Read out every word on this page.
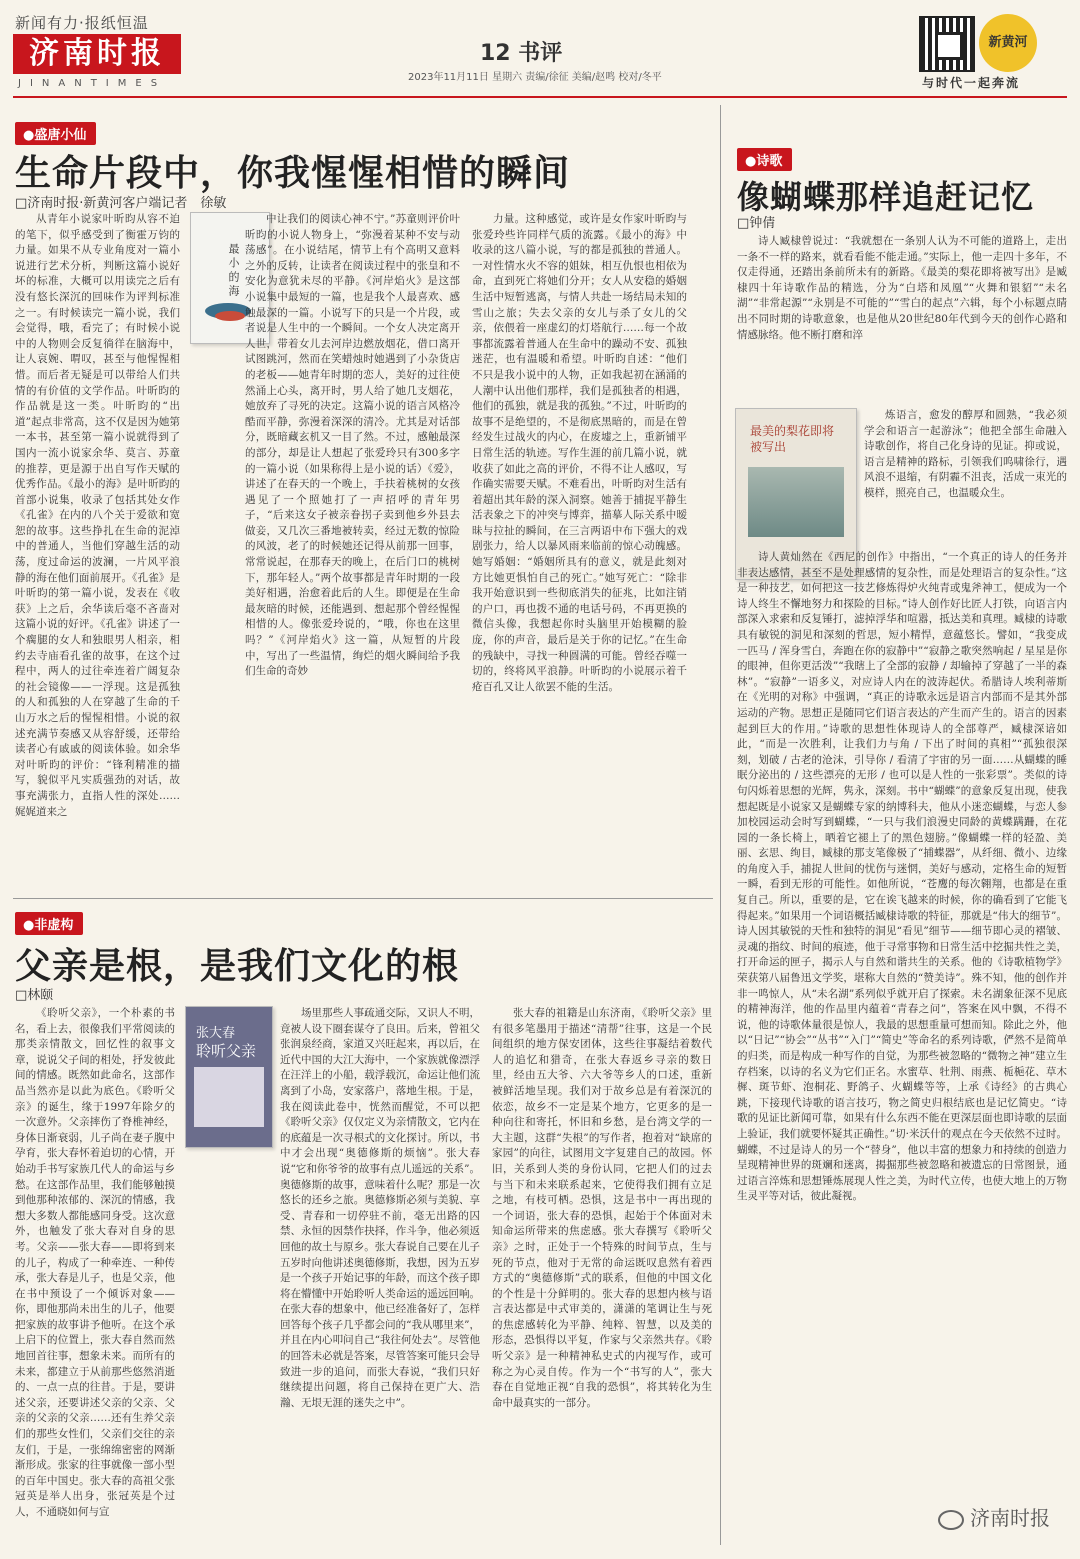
新闻有力·报纸恒温
济南时报
JINANTIMES
12 书评
2023年11月11日 星期六 责编/徐征 美编/赵鸣 校对/冬平
新黄河
与时代一起奔流
●盛唐小仙
生命片段中，你我惺惺相惜的瞬间
□济南时报·新黄河客户端记者　徐敏
最小的海

从青年小说家叶昕昀从容不迫的笔下，似乎感受到了衡霍万钧的力量。如果不从专业角度对一篇小说进行艺术分析，判断这篇小说好坏的标准，大概可以用读完之后有没有悠长深沉的回味作为评判标准之一。有时候读完一篇小说，我们会觉得，哦，看完了；有时候小说中的人物则会反复徜徉在脑海中，让人哀婉、喟叹，甚至与他惺惺相惜。而后者无疑是可以带给人们共情的有价值的文学作品。叶昕昀的作品就是这一类。叶昕昀的“出道”起点非常高，这不仅是因为她第一本书，甚至第一篇小说就得到了国内一流小说家余华、莫言、苏童的推荐，更是源于出自写作天赋的优秀作品。《最小的海》是叶昕昀的首部小说集，收录了包括其处女作《孔雀》在内的八个关于爱欲和宽恕的故事。这些挣扎在生命的泥淖中的普通人，当他们穿越生活的动荡，度过命运的波澜，一片风平浪静的海在他们面前展开。《孔雀》是叶昕昀的第一篇小说，发表在《收获》上之后，余华读后毫不吝啬对这篇小说的好评。《孔雀》讲述了一个瘸腿的女人和独眼男人相亲，相约去寺庙看孔雀的故事，在这个过程中，两人的过往牵连着广阔复杂的社会镜像——一浮现。这是孤独的人和孤独的人在穿越了生命的千山万水之后的惺惺相惜。小说的叙述充满节奏感又从容舒缓，还带给读者心有戚戚的阅读体验。如余华对叶昕昀的评价：“锋利精准的描写，貌似平凡实质强劲的对话，故事充满张力，直指人性的深处……娓娓道来之

中让我们的阅读心神不宁。”苏童则评价叶昕昀的小说人物身上，“弥漫着某种不安与动荡感”。在小说结尾，情节上有个高明又意料之外的反转，让读者在阅读过程中的张皇和不安化为意犹未尽的平静。《河岸焰火》是这部小说集中最短的一篇，也是我个人最喜欢、感触最深的一篇。小说写下的只是一个片段，或者说是人生中的一个瞬间。一个女人决定离开人世，带着女儿去河岸边燃放烟花，借口离开试图跳河，然而在笑蜡烛时她遇到了小杂货店的老板——她青年时期的恋人，美好的过往使然涌上心头，离开时，男人给了她几支烟花，她放弃了寻死的决定。这篇小说的语言风格冷酷而平静，弥漫着深深的清冷。尤其是对话部分，既暗藏玄机又一目了然。不过，感触最深的部分，却是让人想起了张爱玲只有300多字的一篇小说（如果称得上是小说的话）《爱》，讲述了在春天的一个晚上，手扶着桃树的女孩遇见了一个照她打了一声招呼的青年男子，“后来这女子被亲眷拐子卖到他乡外县去做妾，又几次三番地被转卖，经过无数的惊险的风波，老了的时候她还记得从前那一回事，常常说起，在那春天的晚上，在后门口的桃树下，那年轻人。”两个故事都是青年时期的一段美好相遇，治愈着此后的人生。即便是在生命最灰暗的时候，还能遇到、想起那个曾经惺惺相惜的人。像张爱玲说的，“哦，你也在这里吗？”《河岸焰火》这一篇，从短暂的片段中，写出了一些温情，绚烂的烟火瞬间给予我们生命的奇妙

力量。这种感觉，或许是女作家叶昕昀与张爱玲些许同样气质的流露。《最小的海》中收录的这八篇小说，写的都是孤独的普通人。一对性情水火不容的姐妹，相互仇恨也相依为命，直到死亡将她们分开；女人从安稳的婚姻生活中短暂逃离，与情人共赴一场结局未知的雪山之旅；失去父亲的女儿与杀了女儿的父亲，依偎着一座虚幻的灯塔航行……每一个故事都流露着普通人在生命中的躁动不安、孤独迷茫，也有温暖和希望。叶昕昀自述：“他们不只是我小说中的人物，正如我起初在涵涌的人潮中认出他们那样，我们是孤独者的相遇，他们的孤独，就是我的孤独。”不过，叶昕昀的故事不是绝望的，不是彻底黑暗的，而是在曾经发生过战火的内心，在废墟之上，重新铺平日常生活的轨迹。写作生涯的前几篇小说，就收获了如此之高的评价，不得不让人感叹，写作确实需要天赋。不难看出，叶昕昀对生活有着超出其年龄的深入洞察。她善于捕捉平静生活表象之下的冲突与博弈，描摹人际关系中暧昧与拉扯的瞬间，在三言两语中布下强大的戏剧张力，给人以暴风雨来临前的惊心动魄感。她写婚姻：“婚姻所具有的意义，就是此刻对方比她更惧怕自己的死亡。”她写死亡：“除非我开始意识到一些彻底消失的征兆，比如注销的户口，再也拨不通的电话号码，不再更换的微信头像，我想起你时头脑里开始模糊的脸庞，你的声音，最后是关于你的记忆。”在生命的残缺中，寻找一种圆满的可能。曾经吞噬一切的，终将风平浪静。叶昕昀的小说展示着千疮百孔又让人欲罢不能的生活。

●诗歌
像蝴蝶那样追赶记忆
□钟倩

诗人臧棣曾说过：“我就想在一条别人认为不可能的道路上，走出一条不一样的路来，就看看能不能走通。”实际上，他一走四十多年，不仅走得通，还踏出条前所未有的新路。《最美的梨花即将被写出》是臧棣四十年诗歌作品的精选，分为“白塔和凤凰”“火舞和银貂”“未名湖”“非常起源”“永别是不可能的”“雪白的起点”六辑，每个小标题点睛出不同时期的诗歌意象，也是他从20世纪80年代到今天的创作心路和情感脉络。他不断打磨和淬

最美的梨花即将被写出

炼语言，愈发的醇厚和圆熟，“我必须学会和语言一起游泳”；他把全部生命融入诗歌创作，将自己化身诗的见证。抑或说，语言是精神的路标，引领我们呜啸徐行，遇风浪不退缩，有阴霾不沮丧，活成一束光的模样，照亮自己，也温暖众生。

诗人黄灿然在《西尼的创作》中指出，“一个真正的诗人的任务并非表达感情，甚至不是处理感情的复杂性，而是处理语言的复杂性。”这是一种技艺，如何把这一技艺修炼得炉火纯青或鬼斧神工，便成为一个诗人终生不懈地努力和探险的目标。”诗人创作好比匠人打铁，向语言内部深入求索和反复锤打，滤掉浮华和喧嚣，抵达美和真理。臧棣的诗歌具有敏锐的洞见和深刻的哲思，短小精悍，意蕴悠长。譬如，“我变成一匹马 / 浑身雪白，奔跑在你的寂静中”“寂静之歌突然响起 / 星星是你的眼神，但你更活泼”“我瞎上了全部的寂静 / 却输掉了穿越了一半的森林”。“寂静”一语多义，对应诗人内在的波涛起伏。希腊诗人埃利蒂斯在《光明的对称》中强调，“真正的诗歌永远是语言内部而不是其外部运动的产物。思想正是随同它们语言表达的产生而产生的。语言的因素起到巨大的作用。”诗歌的思想性体现诗人的全部尊严，臧棣深谙如此，“而是一次胜利，让我们力与角 / 下出了时间的真相”“孤独很深刻，划破 / 古老的沧沫，引导你 / 看清了宇宙的另一面……从蝴蝶的睡眠分泌出的 / 这些漂亮的无形 / 也可以是人性的一张彩票”。类似的诗句闪烁着思想的光辉，隽永，深刻。书中“蝴蝶”的意象反复出现，使我想起既是小说家又是蝴蝶专家的纳博科夫，他从小迷恋蝴蝶，与恋人参加校园运动会时写到蝴蝶，“一只与我们浪漫史同龄的黄蝶蹒跚，在花园的一条长椅上，晒着它褪上了的黑色翅膀。”像蝴蝶一样的轻盈、美丽、玄思、绚目，臧棣的那支笔像极了“捕蝶器”，从纤细、微小、边缘的角度入手，捕捉人世间的忧伤与迷惘，美好与感动，定格生命的短暂一瞬，看到无形的可能性。如他所说，“苍鹰的每次翱翔，也都是在重复自己。所以，重要的是，它在诶飞越来的时候，你的确看到了它能飞得起来。”如果用一个词语概括臧棣诗歌的特征，那就是“伟大的细节”。诗人因其敏锐的天性和独特的洞见“看见”细节——细节即心灵的褶皱、灵魂的指纹、时间的痕迹，他于寻常事物和日常生活中挖掘共性之美，打开命运的匣子，揭示人与自然和谐共生的关系。他的《诗歌植物学》荣获第八届鲁迅文学奖，堪称大自然的“赞美诗”。殊不知，他的创作并非一鸣惊人，从“未名湖”系列似乎就开启了探索。未名湖象征深不见底的精神海洋，他的作品里内蕴着“青春之问”，答案在风中飘，不得不说，他的诗歌体量很是惊人，我最的思想重量可想而知。除此之外，他以“日记”“协会”“丛书”“入门”“简史”等命名的系列诗歌，俨然不是简单的归类，而是构成一种写作的自觉，为那些被忽略的“微物之神”建立生存档案，以诗的名义为它们正名。水蜜草、牡荆、雨燕、栀梔花、草木樨、斑节虾、泡桐花、野鸽子、火蝴蝶等等，上承《诗经》的古典心跳，下接现代诗歌的语言技巧，物之简史归根结底也是记忆简史。“诗歌的见证比新闻可靠，如果有什么东西不能在更深层面也即诗歌的层面上验证，我们就要怀疑其正确性。”切·米沃什的观点在今天依然不过时。蝴蝶，不过是诗人的另一个“替身”，他以丰富的想象力和持续的创造力呈现精神世界的斑斓和迷离，揭掘那些被忽略和被遗忘的日常图景，通过语言淬炼和思想锤炼展现人性之美，为时代立传，也使大地上的万物生灵平等对话，彼此凝视。

●非虚构
父亲是根，是我们文化的根
□林颐
张大春
聆听父亲

《聆听父亲》，一个朴素的书名，看上去，很像我们平常阅读的那类亲情散文，回忆性的叙事文章，说说父子间的相处，抒发彼此间的情感。既然如此命名，这部作品当然亦是以此为底色。《聆听父亲》的诞生，缘于1997年除夕的一次意外。父亲摔伤了脊椎神经，身体日渐衰弱，儿子尚在妻子腹中孕育，张大春怀着迫切的心情，开始动手书写家族几代人的命运与乡愁。在这部作品里，我们能够触摸到他那种浓郁的、深沉的情感，我想大多数人都能感同身受。这次意外，也触发了张大春对自身的思考。父亲——张大春——即将到来的儿子，构成了一种牵连、一种传承，张大春是儿子，也是父亲，他在书中预设了一个倾诉对象——你，即他那尚未出生的儿子，他要把家族的故事讲予他听。在这个承上启下的位置上，张大春自然而然地回首往事，想象未来。而所有的未来，都建立于从前那些悠然消逝的、一点一点的往昔。于是，要讲述父亲，还要讲述父亲的父亲、父亲的父亲的父亲……还有生养父亲们的那些女性们，父亲们交往的亲友们，于是，一张绵绵密密的网渐渐形成。张家的往事就像一部小型的百年中国史。张大春的高祖父张冠英是举人出身，张冠英是个过人，不通晓如何与宣

场里那些人事疏通交际，又识人不明，竟被人设下圈套谋夺了良田。后来，曾祖父张润泉经商，家道又兴旺起来，再以后，在近代中国的大江大海中，一个家族就像漂浮在汪洋上的小船，载浮载沉，命运让他们流离到了小岛，安家落户，落地生根。于是，我在阅读此卷中，恍然而醒觉，不可以把《聆听父亲》仅仅定义为亲情散文，它内在的底蕴是一次寻根式的文化探讨。所以，书中才会出现“奥德修斯的烦恼”。张大春说“它和你爷爷的故事有点儿遥远的关系”。奥德修斯的故事，意味着什么呢？那是一次悠长的还乡之旅。奥德修斯必须与美貌、享受、青春和一切停驻不前，毫无出路的囚禁、永恒的因禁作抉择，作斗争，他必须返回他的故土与原乡。张大春说自己要在儿子五岁时向他讲述奥德修斯，我想，因为五岁是一个孩子开始记事的年龄，而这个孩子即将在懵懂中开始聆听人类命运的遥远回响。在张大春的想象中，他已经准备好了，怎样回答每个孩子几乎都会问的“我从哪里来”，并且在内心叩问自己“我往何处去”。尽管他的回答未必就是答案，尽管答案可能只会导致进一步的追问，而张大春说，“我们只好继续提出问题，将自己保持在更广大、浩瀚、无垠无涯的迷失之中”。

张大春的祖籍是山东济南，《聆听父亲》里有很多笔墨用于描述“清帮”往事，这是一个民间组织的地方保安团体，这些往事凝结着数代人的追忆和猎奇，在张大春返乡寻亲的数日里，经由五大爷、六大爷等乡人的口述，重新被鲜活地呈现。我们对于故乡总是有着深沉的依恋，故乡不一定是某个地方，它更多的是一种向往和寄托，怀旧和乡愁，是台湾文学的一大主题，这群“失根”的写作者，抱着对“缺席的家园”的向往，试图用文字复建自己的故园。怀旧，关系到人类的身份认同，它把人们的过去与当下和未来联系起来，它使得我们拥有立足之地，有枝可栖。恐惧，这是书中一再出现的一个词语，张大春的恐惧，起始于个体面对未知命运所带来的焦虑感。张大春撰写《聆听父亲》之时，正处于一个特殊的时间节点，生与死的节点，他对于无常的命运既叹息然有着西方式的“奥德修斯”式的联系，但他的中国文化的个性是十分鲜明的。张大春的思想内核与语言表达都是中式审美的，潇潇的笔调让生与死的焦虑感转化为平静、纯粹、智慧，以及美的形态，恐惧得以平复，作家与父亲然共存。《聆听父亲》是一种精神私史式的内视写作，或可称之为心灵自传。作为一个“书写的人”，张大春在自觉地正视“自我的恐惧”，将其转化为生命中最真实的一部分。

济南时报
